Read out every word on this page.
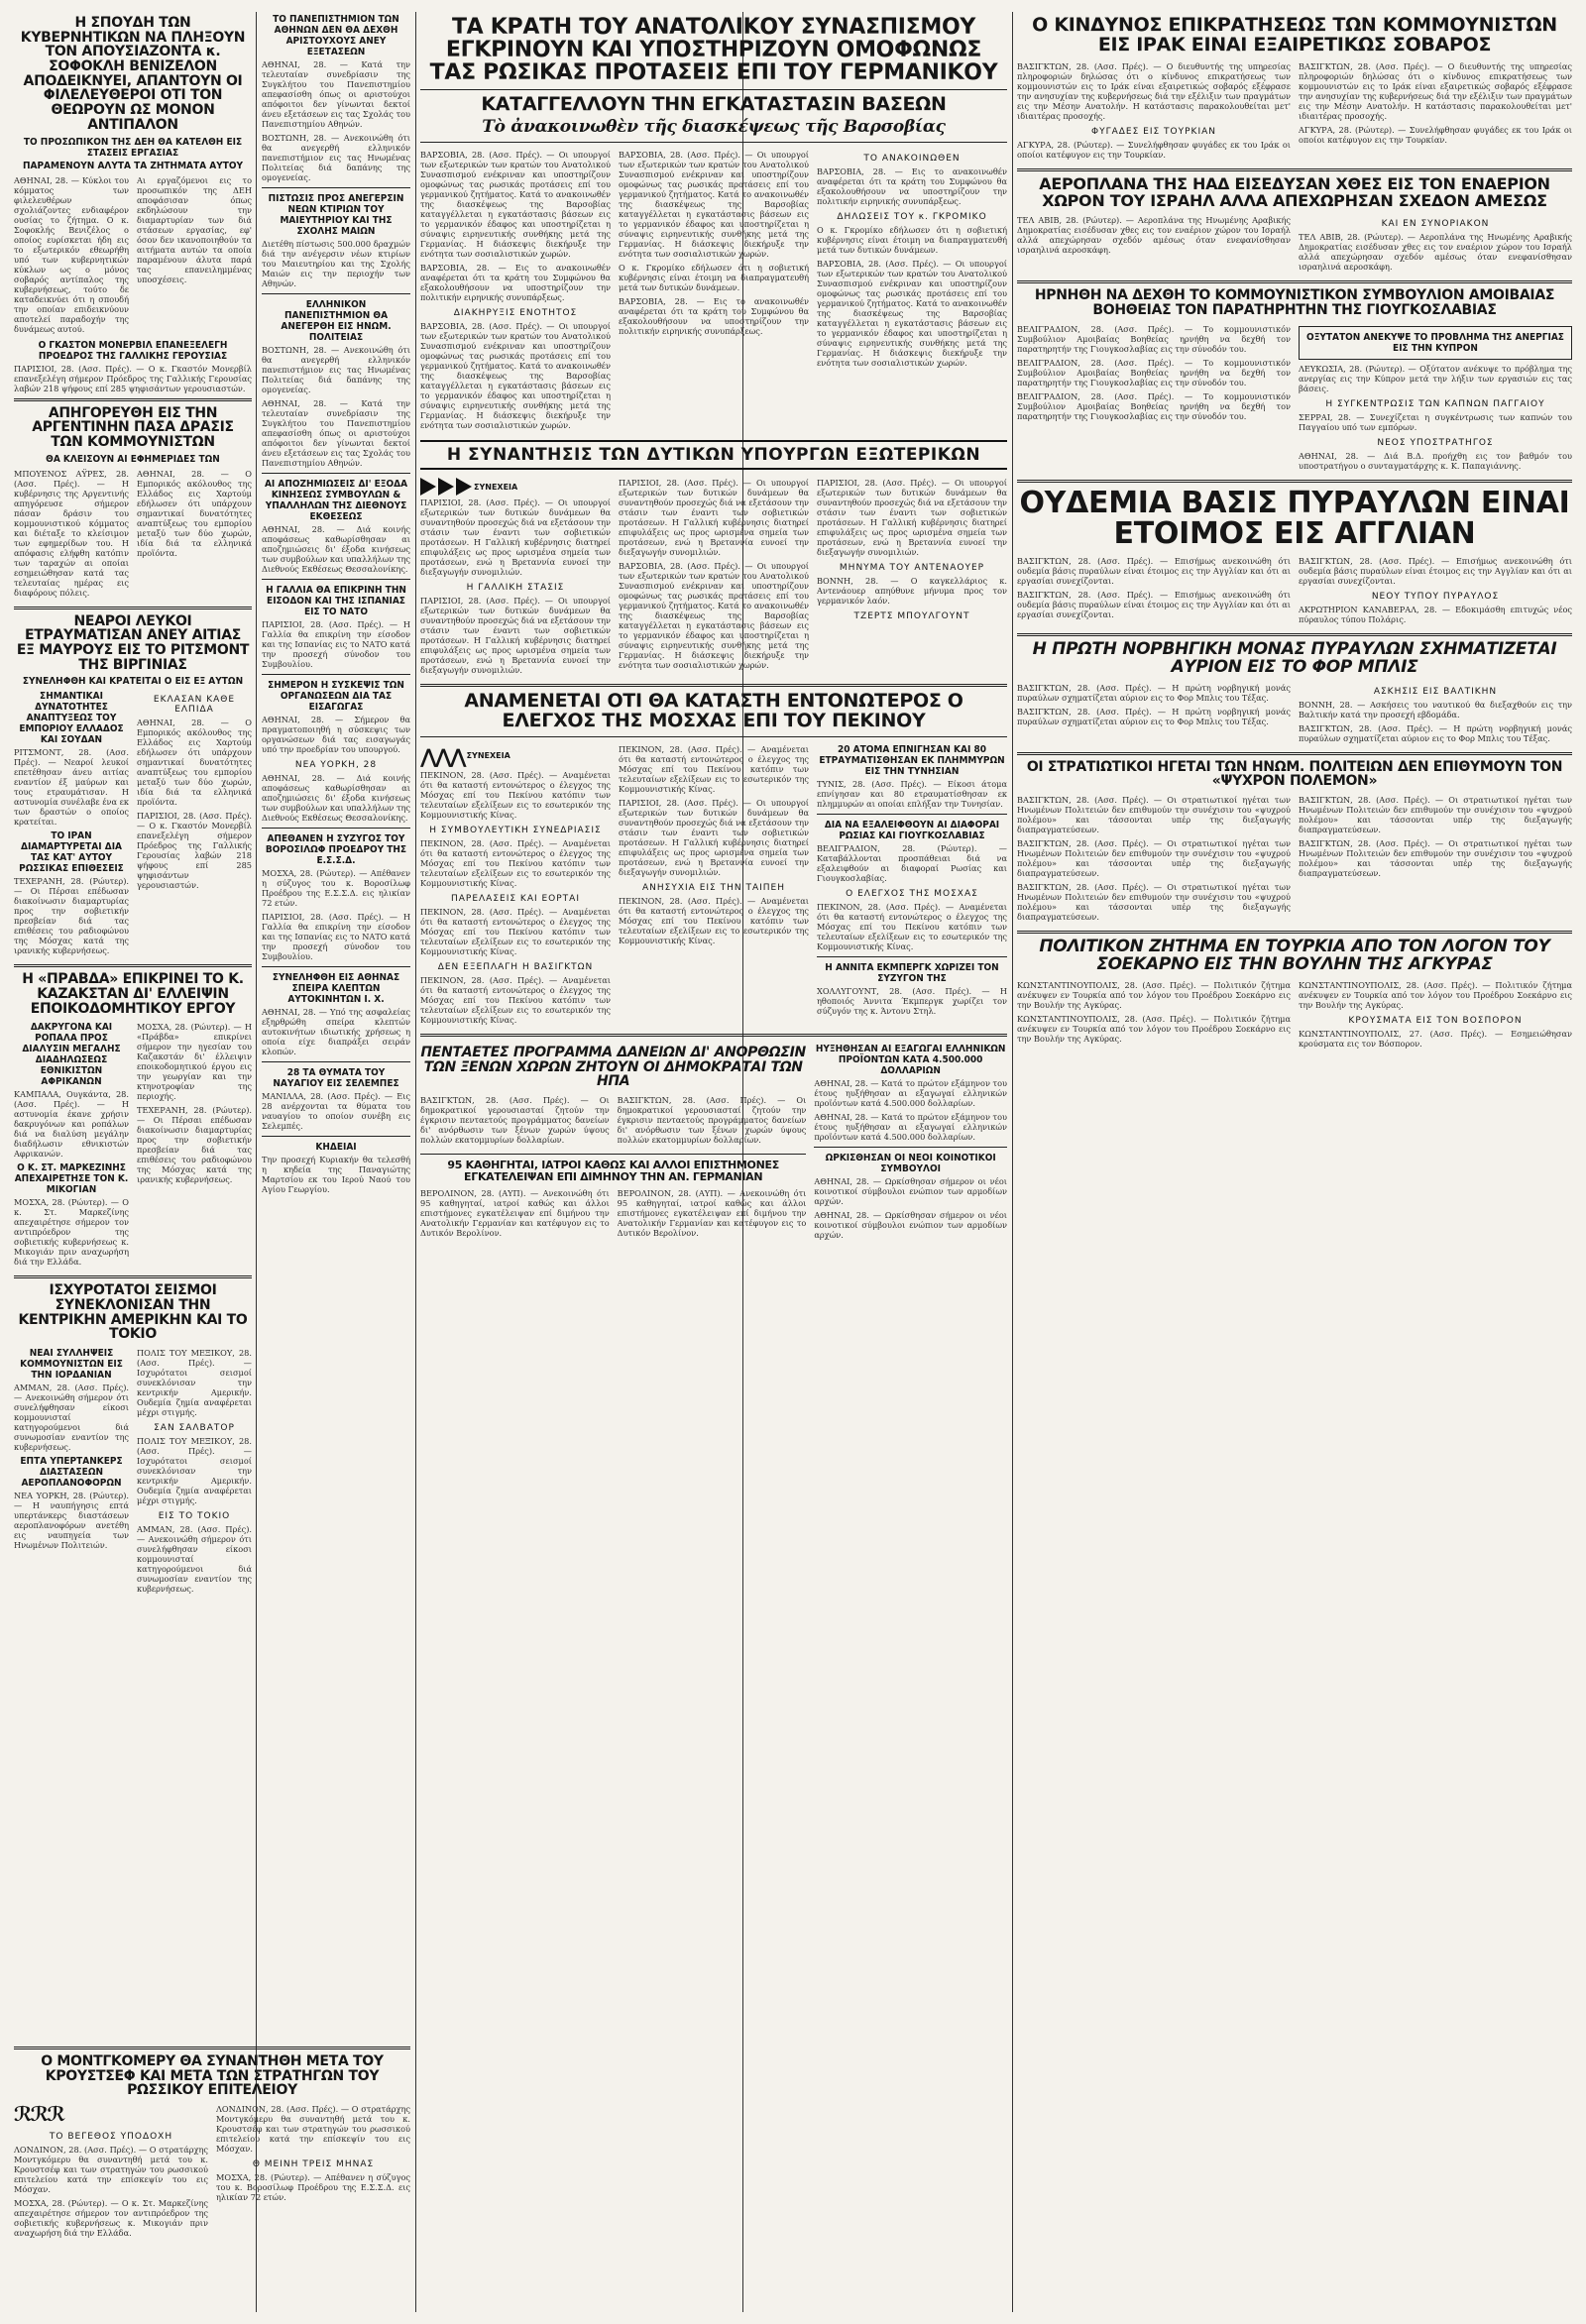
Η ΣΠΟΥΔΗ ΤΩΝ ΚΥΒΕΡΝΗΤΙΚΩΝ ΝΑ ΠΛΗΞΟΥΝ ΤΟΝ ΑΠΟΥΣΙΑΖΟΝΤΑ κ. ΣΟΦΟΚΛΗ ΒΕΝΙΖΕΛΟΝ ΑΠΟΔΕΙΚΝΥΕΙ, ΑΠΑΝΤΟΥΝ ΟΙ ΦΙΛΕΛΕΥΘΕΡΟΙ ΟΤΙ ΤΟΝ ΘΕΩΡΟΥΝ ΩΣ ΜΟΝΟΝ ΑΝΤΙΠΑΛΟΝ
ΤΟ ΠΡΟΣΩΠΙΚΟΝ ΤΗΣ ΔΕΗ ΘΑ ΚΑΤΕΛΘΗ ΕΙΣ ΣΤΑΣΕΙΣ ΕΡΓΑΣΙΑΣ
ΠΑΡΑΜΕΝΟΥΝ ΑΛΥΤΑ ΤΑ ΖΗΤΗΜΑΤΑ ΑΥΤΟΥ
ΑΘΗΝΑΙ, 28. — Κύκλοι του κόμματος των φιλελευθέρων σχολιάζοντες ενδιαφέρον ουσίας το ζήτημα. Ο κ. Σοφοκλής Βενιζέλος ο οποίος ευρίσκεται ήδη εις το εξωτερικόν εθεωρήθη υπό των κυβερνητικών κύκλων ως ο μόνος σοβαρός αντίπαλος της κυβερνήσεως, τούτο δε καταδεικνύει ότι η σπουδή την οποίαν επιδεικνύουν αποτελεί παραδοχήν της δυνάμεως αυτού.
Αι εργαζόμενοι εις το προσωπικόν της ΔΕΗ αποφάσισαν όπως εκδηλώσουν την διαμαρτυρίαν των διά στάσεων εργασίας, εφ' όσον δεν ικανοποιηθούν τα αιτήματα αυτών τα οποία παραμένουν άλυτα παρά τας επανειλημμένας υποσχέσεις.
Ο ΓΚΑΣΤΟΝ ΜΟΝΕΡΒΙΛ ΕΠΑΝΕΞΕΛΕΓΗ ΠΡΟΕΔΡΟΣ ΤΗΣ ΓΑΛΛΙΚΗΣ ΓΕΡΟΥΣΙΑΣ
ΠΑΡΙΣΙΟΙ, 28. (Ασσ. Πρές). — Ο κ. Γκαστόν Μονερβίλ επανεξελέγη σήμερον Πρόεδρος της Γαλλικής Γερουσίας λαβών 218 ψήφους επί 285 ψηφισάντων γερουσιαστών.
ΑΠΗΓΟΡΕΥΘΗ ΕΙΣ ΤΗΝ ΑΡΓΕΝΤΙΝΗΝ ΠΑΣΑ ΔΡΑΣΙΣ ΤΩΝ ΚΟΜΜΟΥΝΙΣΤΩΝ
ΘΑ ΚΛΕΙΣΟΥΝ ΑΙ ΕΦΗΜΕΡΙΔΕΣ ΤΩΝ
ΜΠΟΥΕΝΟΣ ΑΫΡΕΣ, 28. (Ασσ. Πρές). — Η κυβέρνησις της Αργεντινής απηγόρευσε σήμερον πάσαν δράσιν του κομμουνιστικού κόμματος και διέταξε το κλείσιμον των εφημερίδων του. Η απόφασις ελήφθη κατόπιν των ταραχών αι οποίαι εσημειώθησαν κατά τας τελευταίας ημέρας εις διαφόρους πόλεις.
ΑΘΗΝΑΙ, 28. — Ο Εμπορικός ακόλουθος της Ελλάδος εις Χαρτούμ εδήλωσεν ότι υπάρχουν σημαντικαί δυνατότητες αναπτύξεως του εμπορίου μεταξύ των δύο χωρών, ιδία διά τα ελληνικά προϊόντα.
ΝΕΑΡΟΙ ΛΕΥΚΟΙ ΕΤΡΑΥΜΑΤΙΣΑΝ ΑΝΕΥ ΑΙΤΙΑΣ ΕΞ ΜΑΥΡΟΥΣ ΕΙΣ ΤΟ ΡΙΤΣΜΟΝΤ ΤΗΣ ΒΙΡΓΙΝΙΑΣ
ΣΥΝΕΛΗΦΘΗ ΚΑΙ ΚΡΑΤΕΙΤΑΙ Ο ΕΙΣ ΕΞ ΑΥΤΩΝ
ΣΗΜΑΝΤΙΚΑΙ ΔΥΝΑΤΟΤΗΤΕΣ ΑΝΑΠΤΥΞΕΩΣ ΤΟΥ ΕΜΠΟΡΙΟΥ ΕΛΛΑΔΟΣ ΚΑΙ ΣΟΥΔΑΝ
ΡΙΤΣΜΟΝΤ, 28. (Ασσ. Πρές). — Νεαροί λευκοί επετέθησαν άνευ αιτίας εναντίον έξ μαύρων και τους ετραυμάτισαν. Η αστυνομία συνέλαβε ένα εκ των δραστών ο οποίος κρατείται.
ΤΟ ΙΡΑΝ ΔΙΑΜΑΡΤΥΡΕΤΑΙ ΔΙΑ ΤΑΣ ΚΑΤ' ΑΥΤΟΥ ΡΩΣΣΙΚΑΣ ΕΠΙΘΕΣΕΙΣ
ΤΕΧΕΡΑΝΗ, 28. (Ρώυτερ). — Οι Πέρσαι επέδωσαν διακοίνωσιν διαμαρτυρίας προς την σοβιετικήν πρεσβείαν διά τας επιθέσεις του ραδιοφώνου της Μόσχας κατά της ιρανικής κυβερνήσεως.
ΕΚΛΑΣΑΝ ΚΑΘΕ ΕΛΠΙΔΑ
ΑΘΗΝΑΙ, 28. — Ο Εμπορικός ακόλουθος της Ελλάδος εις Χαρτούμ εδήλωσεν ότι υπάρχουν σημαντικαί δυνατότητες αναπτύξεως του εμπορίου μεταξύ των δύο χωρών, ιδία διά τα ελληνικά προϊόντα.
ΠΑΡΙΣΙΟΙ, 28. (Ασσ. Πρές). — Ο κ. Γκαστόν Μονερβίλ επανεξελέγη σήμερον Πρόεδρος της Γαλλικής Γερουσίας λαβών 218 ψήφους επί 285 ψηφισάντων γερουσιαστών.
Η «ΠΡΑΒΔΑ» ΕΠΙΚΡΙΝΕΙ ΤΟ Κ. ΚΑΖΑΚΣΤΑΝ ΔΙ' ΕΛΛΕΙΨΙΝ ΕΠΟΙΚΟΔΟΜΗΤΙΚΟΥ ΕΡΓΟΥ
ΔΑΚΡΥΓΟΝΑ ΚΑΙ ΡΟΠΑΛΑ ΠΡΟΣ ΔΙΑΛΥΣΙΝ ΜΕΓΑΛΗΣ ΔΙΑΔΗΛΩΣΕΩΣ ΕΘΝΙΚΙΣΤΩΝ ΑΦΡΙΚΑΝΩΝ
ΚΑΜΠΑΛΑ, Ουγκάντα, 28. (Ασσ. Πρές). — Η αστυνομία έκανε χρήσιν δακρυγόνων και ροπάλων διά να διαλύση μεγάλην διαδήλωσιν εθνικιστών Αφρικανών.
Ο Κ. ΣΤ. ΜΑΡΚΕΖΙΝΗΣ ΑΠΕΧΑΙΡΕΤΗΣΕ ΤΟΝ Κ. ΜΙΚΟΓΙΑΝ
ΜΟΣΧΑ, 28. (Ρώυτερ). — Ο κ. Στ. Μαρκεζίνης απεχαιρέτησε σήμερον τον αντιπρόεδρον της σοβιετικής κυβερνήσεως κ. Μικογιάν πριν αναχωρήση διά την Ελλάδα.
ΜΟΣΧΑ, 28. (Ρώυτερ). — Η «Πράβδα» επικρίνει σήμερον την ηγεσίαν του Καζακστάν δι' έλλειψιν εποικοδομητικού έργου εις την γεωργίαν και την κτηνοτροφίαν της περιοχής.
ΤΕΧΕΡΑΝΗ, 28. (Ρώυτερ). — Οι Πέρσαι επέδωσαν διακοίνωσιν διαμαρτυρίας προς την σοβιετικήν πρεσβείαν διά τας επιθέσεις του ραδιοφώνου της Μόσχας κατά της ιρανικής κυβερνήσεως.
ΙΣΧΥΡΟΤΑΤΟΙ ΣΕΙΣΜΟΙ ΣΥΝΕΚΛΟΝΙΣΑΝ ΤΗΝ ΚΕΝΤΡΙΚΗΝ ΑΜΕΡΙΚΗΝ ΚΑΙ ΤΟ ΤΟΚΙΟ
ΝΕΑΙ ΣΥΛΛΗΨΕΙΣ ΚΟΜΜΟΥΝΙΣΤΩΝ ΕΙΣ ΤΗΝ ΙΟΡΔΑΝΙΑΝ
ΑΜΜΑΝ, 28. (Ασσ. Πρές). — Ανεκοινώθη σήμερον ότι συνελήφθησαν είκοσι κομμουνισταί κατηγορούμενοι διά συνωμοσίαν εναντίον της κυβερνήσεως.
ΕΠΤΑ ΥΠΕΡΤΑΝΚΕΡΣ ΔΙΑΣΤΑΣΕΩΝ ΑΕΡΟΠΛΑΝΟΦΟΡΩΝ
ΝΕΑ ΥΟΡΚΗ, 28. (Ρώυτερ). — Η ναυπήγησις επτά υπερτάνκερς διαστάσεων αεροπλανοφόρων ανετέθη εις ναυπηγεία των Ηνωμένων Πολιτειών.
ΠΟΛΙΣ ΤΟΥ ΜΕΞΙΚΟΥ, 28. (Ασσ. Πρές). — Ισχυρότατοι σεισμοί συνεκλόνισαν την κεντρικήν Αμερικήν. Ουδεμία ζημία αναφέρεται μέχρι στιγμής.
ΣΑΝ ΣΑΛΒΑΤΟΡ
ΠΟΛΙΣ ΤΟΥ ΜΕΞΙΚΟΥ, 28. (Ασσ. Πρές). — Ισχυρότατοι σεισμοί συνεκλόνισαν την κεντρικήν Αμερικήν. Ουδεμία ζημία αναφέρεται μέχρι στιγμής.
ΕΙΣ ΤΟ ΤΟΚΙΟ
ΑΜΜΑΝ, 28. (Ασσ. Πρές). — Ανεκοινώθη σήμερον ότι συνελήφθησαν είκοσι κομμουνισταί κατηγορούμενοι διά συνωμοσίαν εναντίον της κυβερνήσεως.
Ο ΜΟΝΤΓΚΟΜΕΡΥ ΘΑ ΣΥΝΑΝΤΗΘΗ ΜΕΤΑ ΤΟΥ ΚΡΟΥΣΤΣΕΦ ΚΑΙ ΜΕΤΑ ΤΩΝ ΣΤΡΑΤΗΓΩΝ ΤΟΥ ΡΩΣΣΙΚΟΥ ΕΠΙΤΕΛΕΙΟΥ
ℛℛℛ
ΤΟ ΒΕΓΕΘΟΣ ΥΠΟΔΟΧΗ
ΛΟΝΔΙΝΟΝ, 28. (Ασσ. Πρές). — Ο στρατάρχης Μοντγκόμερυ θα συναντηθή μετά του κ. Κρουστσέφ και των στρατηγών του ρωσσικού επιτελείου κατά την επίσκεψίν του εις Μόσχαν.
ΜΟΣΧΑ, 28. (Ρώυτερ). — Ο κ. Στ. Μαρκεζίνης απεχαιρέτησε σήμερον τον αντιπρόεδρον της σοβιετικής κυβερνήσεως κ. Μικογιάν πριν αναχωρήση διά την Ελλάδα.
ΛΟΝΔΙΝΟΝ, 28. (Ασσ. Πρές). — Ο στρατάρχης Μοντγκόμερυ θα συναντηθή μετά του κ. Κρουστσέφ και των στρατηγών του ρωσσικού επιτελείου κατά την επίσκεψίν του εις Μόσχαν.
Θ ΜΕΙΝΗ ΤΡΕΙΣ ΜΗΝΑΣ
ΜΟΣΧΑ, 28. (Ρώυτερ). — Απέθανεν η σύζυγος του κ. Βοροσίλωφ Προέδρου της Ε.Σ.Σ.Δ. εις ηλικίαν 72 ετών.
ΤΟ ΠΑΝΕΠΙΣΤΗΜΙΟΝ ΤΩΝ ΑΘΗΝΩΝ ΔΕΝ ΘΑ ΔΕΧΘΗ ΑΡΙΣΤΟΥΧΟΥΣ ΑΝΕΥ ΕΞΕΤΑΣΕΩΝ
ΑΘΗΝΑΙ, 28. — Κατά την τελευταίαν συνεδρίασιν της Συγκλήτου του Πανεπιστημίου απεφασίσθη όπως οι αριστούχοι απόφοιτοι δεν γίνωνται δεκτοί άνευ εξετάσεων εις τας Σχολάς του Πανεπιστημίου Αθηνών.
ΒΟΣΤΩΝΗ, 28. — Ανεκοινώθη ότι θα ανεγερθή ελληνικόν πανεπιστήμιον εις τας Ηνωμένας Πολιτείας διά δαπάνης της ομογενείας.
ΠΙΣΤΩΣΙΣ ΠΡΟΣ ΑΝΕΓΕΡΣΙΝ ΝΕΩΝ ΚΤΙΡΙΩΝ ΤΟΥ ΜΑΙΕΥΤΗΡΙΟΥ ΚΑΙ ΤΗΣ ΣΧΟΛΗΣ ΜΑΙΩΝ
Διετέθη πίστωσις 500.000 δραχμών διά την ανέγερσιν νέων κτιρίων του Μαιευτηρίου και της Σχολής Μαιών εις την περιοχήν των Αθηνών.
ΕΛΛΗΝΙΚΟΝ ΠΑΝΕΠΙΣΤΗΜΙΟΝ ΘΑ ΑΝΕΓΕΡΘΗ ΕΙΣ ΗΝΩΜ. ΠΟΛΙΤΕΙΑΣ
ΒΟΣΤΩΝΗ, 28. — Ανεκοινώθη ότι θα ανεγερθή ελληνικόν πανεπιστήμιον εις τας Ηνωμένας Πολιτείας διά δαπάνης της ομογενείας.
ΑΘΗΝΑΙ, 28. — Κατά την τελευταίαν συνεδρίασιν της Συγκλήτου του Πανεπιστημίου απεφασίσθη όπως οι αριστούχοι απόφοιτοι δεν γίνωνται δεκτοί άνευ εξετάσεων εις τας Σχολάς του Πανεπιστημίου Αθηνών.
ΑΙ ΑΠΟΖΗΜΙΩΣΕΙΣ ΔΙ' ΕΞΟΔΑ ΚΙΝΗΣΕΩΣ ΣΥΜΒΟΥΛΩΝ & ΥΠΑΛΛΗΛΩΝ ΤΗΣ ΔΙΕΘΝΟΥΣ ΕΚΘΕΣΕΩΣ
ΑΘΗΝΑΙ, 28. — Διά κοινής αποφάσεως καθωρίσθησαν αι αποζημιώσεις δι' έξοδα κινήσεως των συμβούλων και υπαλλήλων της Διεθνούς Εκθέσεως Θεσσαλονίκης.
Η ΓΑΛΛΙΑ ΘΑ ΕΠΙΚΡΙΝΗ ΤΗΝ ΕΙΣΟΔΟΝ ΚΑΙ ΤΗΣ ΙΣΠΑΝΙΑΣ ΕΙΣ ΤΟ ΝΑΤΟ
ΠΑΡΙΣΙΟΙ, 28. (Ασσ. Πρές). — Η Γαλλία θα επικρίνη την είσοδον και της Ισπανίας εις το ΝΑΤΟ κατά την προσεχή σύνοδον του Συμβουλίου.
ΣΗΜΕΡΟΝ Η ΣΥΣΚΕΨΙΣ ΤΩΝ ΟΡΓΑΝΩΣΕΩΝ ΔΙΑ ΤΑΣ ΕΙΣΑΓΩΓΑΣ
ΑΘΗΝΑΙ, 28. — Σήμερον θα πραγματοποιηθή η σύσκεψις των οργανώσεων διά τας εισαγωγάς υπό την προεδρίαν του υπουργού.
ΝΕΑ ΥΟΡΚΗ, 28
ΑΘΗΝΑΙ, 28. — Διά κοινής αποφάσεως καθωρίσθησαν αι αποζημιώσεις δι' έξοδα κινήσεως των συμβούλων και υπαλλήλων της Διεθνούς Εκθέσεως Θεσσαλονίκης.
ΑΠΕΘΑΝΕΝ Η ΣΥΖΥΓΟΣ ΤΟΥ ΒΟΡΟΣΙΛΩΦ ΠΡΟΕΔΡΟΥ ΤΗΣ Ε.Σ.Σ.Δ.
ΜΟΣΧΑ, 28. (Ρώυτερ). — Απέθανεν η σύζυγος του κ. Βοροσίλωφ Προέδρου της Ε.Σ.Σ.Δ. εις ηλικίαν 72 ετών.
ΠΑΡΙΣΙΟΙ, 28. (Ασσ. Πρές). — Η Γαλλία θα επικρίνη την είσοδον και της Ισπανίας εις το ΝΑΤΟ κατά την προσεχή σύνοδον του Συμβουλίου.
ΣΥΝΕΛΗΦΘΗ ΕΙΣ ΑΘΗΝΑΣ ΣΠΕΙΡΑ ΚΛΕΠΤΩΝ ΑΥΤΟΚΙΝΗΤΩΝ Ι. Χ.
ΑΘΗΝΑΙ, 28. — Υπό της ασφαλείας εξηρθρώθη σπείρα κλεπτών αυτοκινήτων ιδιωτικής χρήσεως η οποία είχε διαπράξει σειράν κλοπών.
28 ΤΑ ΘΥΜΑΤΑ ΤΟΥ ΝΑΥΑΓΙΟΥ ΕΙΣ ΣΕΛΕΜΠΕΣ
ΜΑΝΙΛΛΑ, 28. (Ασσ. Πρές). — Εις 28 ανέρχονται τα θύματα του ναυαγίου το οποίον συνέβη εις Σελεμπές.
ΚΗΔΕΙΑΙ
Την προσεχή Κυριακήν θα τελεσθή η κηδεία της Παναγιώτης Μαρτσίου εκ του Ιερού Ναού του Αγίου Γεωργίου.
ΤΑ ΚΡΑΤΗ ΤΟΥ ΑΝΑΤΟΛΙΚΟΥ ΣΥΝΑΣΠΙΣΜΟΥ ΕΓΚΡΙΝΟΥΝ ΚΑΙ ΥΠΟΣΤΗΡΙΖΟΥΝ ΟΜΟΦΩΝΩΣ ΤΑΣ ΡΩΣΙΚΑΣ ΠΡΟΤΑΣΕΙΣ ΕΠΙ ΤΟΥ ΓΕΡΜΑΝΙΚΟΥ
ΚΑΤΑΓΓΕΛΛΟΥΝ ΤΗΝ ΕΓΚΑΤΑΣΤΑΣΙΝ ΒΑΣΕΩΝ
Τὸ ἀνακοινωθὲν τῆς διασκέψεως τῆς Βαρσοβίας
ΒΑΡΣΟΒΙΑ, 28. (Ασσ. Πρές). — Οι υπουργοί των εξωτερικών των κρατών του Ανατολικού Συνασπισμού ενέκριναν και υποστηρίζουν ομοφώνως τας ρωσικάς προτάσεις επί του γερμανικού ζητήματος. Κατά το ανακοινωθέν της διασκέψεως της Βαρσοβίας καταγγέλλεται η εγκατάστασις βάσεων εις το γερμανικόν έδαφος και υποστηρίζεται η σύναψις ειρηνευτικής συνθήκης μετά της Γερμανίας. Η διάσκεψις διεκήρυξε την ενότητα των σοσιαλιστικών χωρών.
ΒΑΡΣΟΒΙΑ, 28. — Εις το ανακοινωθέν αναφέρεται ότι τα κράτη του Συμφώνου θα εξακολουθήσουν να υποστηρίζουν την πολιτικήν ειρηνικής συνυπάρξεως.
ΔΙΑΚΗΡΥΞΙΣ ΕΝΟΤΗΤΟΣ
ΒΑΡΣΟΒΙΑ, 28. (Ασσ. Πρές). — Οι υπουργοί των εξωτερικών των κρατών του Ανατολικού Συνασπισμού ενέκριναν και υποστηρίζουν ομοφώνως τας ρωσικάς προτάσεις επί του γερμανικού ζητήματος. Κατά το ανακοινωθέν της διασκέψεως της Βαρσοβίας καταγγέλλεται η εγκατάστασις βάσεων εις το γερμανικόν έδαφος και υποστηρίζεται η σύναψις ειρηνευτικής συνθήκης μετά της Γερμανίας. Η διάσκεψις διεκήρυξε την ενότητα των σοσιαλιστικών χωρών.
ΒΑΡΣΟΒΙΑ, 28. (Ασσ. Πρές). — Οι υπουργοί των εξωτερικών των κρατών του Ανατολικού Συνασπισμού ενέκριναν και υποστηρίζουν ομοφώνως τας ρωσικάς προτάσεις επί του γερμανικού ζητήματος. Κατά το ανακοινωθέν της διασκέψεως της Βαρσοβίας καταγγέλλεται η εγκατάστασις βάσεων εις το γερμανικόν έδαφος και υποστηρίζεται η σύναψις ειρηνευτικής συνθήκης μετά της Γερμανίας. Η διάσκεψις διεκήρυξε την ενότητα των σοσιαλιστικών χωρών.
Ο κ. Γκρομίκο εδήλωσεν ότι η σοβιετική κυβέρνησις είναι έτοιμη να διαπραγματευθή μετά των δυτικών δυνάμεων.
ΒΑΡΣΟΒΙΑ, 28. — Εις το ανακοινωθέν αναφέρεται ότι τα κράτη του Συμφώνου θα εξακολουθήσουν να υποστηρίζουν την πολιτικήν ειρηνικής συνυπάρξεως.
ΤΟ ΑΝΑΚΟΙΝΩΘΕΝ
ΒΑΡΣΟΒΙΑ, 28. — Εις το ανακοινωθέν αναφέρεται ότι τα κράτη του Συμφώνου θα εξακολουθήσουν να υποστηρίζουν την πολιτικήν ειρηνικής συνυπάρξεως.
ΔΗΛΩΣΕΙΣ ΤΟΥ κ. ΓΚΡΟΜΙΚΟ
Ο κ. Γκρομίκο εδήλωσεν ότι η σοβιετική κυβέρνησις είναι έτοιμη να διαπραγματευθή μετά των δυτικών δυνάμεων.
ΒΑΡΣΟΒΙΑ, 28. (Ασσ. Πρές). — Οι υπουργοί των εξωτερικών των κρατών του Ανατολικού Συνασπισμού ενέκριναν και υποστηρίζουν ομοφώνως τας ρωσικάς προτάσεις επί του γερμανικού ζητήματος. Κατά το ανακοινωθέν της διασκέψεως της Βαρσοβίας καταγγέλλεται η εγκατάστασις βάσεων εις το γερμανικόν έδαφος και υποστηρίζεται η σύναψις ειρηνευτικής συνθήκης μετά της Γερμανίας. Η διάσκεψις διεκήρυξε την ενότητα των σοσιαλιστικών χωρών.
Η ΣΥΝΑΝΤΗΣΙΣ ΤΩΝ ΔΥΤΙΚΩΝ ΥΠΟΥΡΓΩΝ ΕΞΩΤΕΡΙΚΩΝ
ΣΥΝΕΧΕΙΑ
ΠΑΡΙΣΙΟΙ, 28. (Ασσ. Πρές). — Οι υπουργοί εξωτερικών των δυτικών δυνάμεων θα συναντηθούν προσεχώς διά να εξετάσουν την στάσιν των έναντι των σοβιετικών προτάσεων. Η Γαλλική κυβέρνησις διατηρεί επιφυλάξεις ως προς ωρισμένα σημεία των προτάσεων, ενώ η Βρεταννία ευνοεί την διεξαγωγήν συνομιλιών.
Η ΓΑΛΛΙΚΗ ΣΤΑΣΙΣ
ΠΑΡΙΣΙΟΙ, 28. (Ασσ. Πρές). — Οι υπουργοί εξωτερικών των δυτικών δυνάμεων θα συναντηθούν προσεχώς διά να εξετάσουν την στάσιν των έναντι των σοβιετικών προτάσεων. Η Γαλλική κυβέρνησις διατηρεί επιφυλάξεις ως προς ωρισμένα σημεία των προτάσεων, ενώ η Βρεταννία ευνοεί την διεξαγωγήν συνομιλιών.
ΠΑΡΙΣΙΟΙ, 28. (Ασσ. Πρές). — Οι υπουργοί εξωτερικών των δυτικών δυνάμεων θα συναντηθούν προσεχώς διά να εξετάσουν την στάσιν των έναντι των σοβιετικών προτάσεων. Η Γαλλική κυβέρνησις διατηρεί επιφυλάξεις ως προς ωρισμένα σημεία των προτάσεων, ενώ η Βρεταννία ευνοεί την διεξαγωγήν συνομιλιών.
ΒΑΡΣΟΒΙΑ, 28. (Ασσ. Πρές). — Οι υπουργοί των εξωτερικών των κρατών του Ανατολικού Συνασπισμού ενέκριναν και υποστηρίζουν ομοφώνως τας ρωσικάς προτάσεις επί του γερμανικού ζητήματος. Κατά το ανακοινωθέν της διασκέψεως της Βαρσοβίας καταγγέλλεται η εγκατάστασις βάσεων εις το γερμανικόν έδαφος και υποστηρίζεται η σύναψις ειρηνευτικής συνθήκης μετά της Γερμανίας. Η διάσκεψις διεκήρυξε την ενότητα των σοσιαλιστικών χωρών.
ΠΑΡΙΣΙΟΙ, 28. (Ασσ. Πρές). — Οι υπουργοί εξωτερικών των δυτικών δυνάμεων θα συναντηθούν προσεχώς διά να εξετάσουν την στάσιν των έναντι των σοβιετικών προτάσεων. Η Γαλλική κυβέρνησις διατηρεί επιφυλάξεις ως προς ωρισμένα σημεία των προτάσεων, ενώ η Βρεταννία ευνοεί την διεξαγωγήν συνομιλιών.
ΜΗΝΥΜΑ ΤΟΥ ΑΝΤΕΝΑΟΥΕΡ
ΒΟΝΝΗ, 28. — Ο καγκελλάριος κ. Αντενάουερ απηύθυνε μήνυμα προς τον γερμανικόν λαόν.
ΤΖΕΡΤΣ ΜΠΟΥΛΓΟΥΝΤ
ΑΝΑΜΕΝΕΤΑΙ ΟΤΙ ΘΑ ΚΑΤΑΣΤΗ ΕΝΤΟΝΩΤΕΡΟΣ Ο ΕΛΕΓΧΟΣ ΤΗΣ ΜΟΣΧΑΣ ΕΠΙ ΤΟΥ ΠΕΚΙΝΟΥ
⋀⋀⋀ ΣΥΝΕΧΕΙΑ
ΠΕΚΙΝΟΝ, 28. (Ασσ. Πρές). — Αναμένεται ότι θα καταστή εντονώτερος ο έλεγχος της Μόσχας επί του Πεκίνου κατόπιν των τελευταίων εξελίξεων εις το εσωτερικόν της Κομμουνιστικής Κίνας.
Η ΣΥΜΒΟΥΛΕΥΤΙΚΗ ΣΥΝΕΔΡΙΑΣΙΣ
ΠΕΚΙΝΟΝ, 28. (Ασσ. Πρές). — Αναμένεται ότι θα καταστή εντονώτερος ο έλεγχος της Μόσχας επί του Πεκίνου κατόπιν των τελευταίων εξελίξεων εις το εσωτερικόν της Κομμουνιστικής Κίνας.
ΠΑΡΕΛΑΣΕΙΣ ΚΑΙ ΕΟΡΤΑΙ
ΠΕΚΙΝΟΝ, 28. (Ασσ. Πρές). — Αναμένεται ότι θα καταστή εντονώτερος ο έλεγχος της Μόσχας επί του Πεκίνου κατόπιν των τελευταίων εξελίξεων εις το εσωτερικόν της Κομμουνιστικής Κίνας.
ΔΕΝ ΕΞΕΠΛΑΓΗ Η ΒΑΣΙΓΚΤΩΝ
ΠΕΚΙΝΟΝ, 28. (Ασσ. Πρές). — Αναμένεται ότι θα καταστή εντονώτερος ο έλεγχος της Μόσχας επί του Πεκίνου κατόπιν των τελευταίων εξελίξεων εις το εσωτερικόν της Κομμουνιστικής Κίνας.
ΠΕΚΙΝΟΝ, 28. (Ασσ. Πρές). — Αναμένεται ότι θα καταστή εντονώτερος ο έλεγχος της Μόσχας επί του Πεκίνου κατόπιν των τελευταίων εξελίξεων εις το εσωτερικόν της Κομμουνιστικής Κίνας.
ΠΑΡΙΣΙΟΙ, 28. (Ασσ. Πρές). — Οι υπουργοί εξωτερικών των δυτικών δυνάμεων θα συναντηθούν προσεχώς διά να εξετάσουν την στάσιν των έναντι των σοβιετικών προτάσεων. Η Γαλλική κυβέρνησις διατηρεί επιφυλάξεις ως προς ωρισμένα σημεία των προτάσεων, ενώ η Βρεταννία ευνοεί την διεξαγωγήν συνομιλιών.
ΑΝΗΣΥΧΙΑ ΕΙΣ ΤΗΝ ΤΑΙΠΕΗ
ΠΕΚΙΝΟΝ, 28. (Ασσ. Πρές). — Αναμένεται ότι θα καταστή εντονώτερος ο έλεγχος της Μόσχας επί του Πεκίνου κατόπιν των τελευταίων εξελίξεων εις το εσωτερικόν της Κομμουνιστικής Κίνας.
20 ΑΤΟΜΑ ΕΠΝΙΓΗΣΑΝ ΚΑΙ 80 ΕΤΡΑΥΜΑΤΙΣΘΗΣΑΝ ΕΚ ΠΛΗΜΜΥΡΩΝ ΕΙΣ ΤΗΝ ΤΥΝΗΣΙΑΝ
ΤΥΝΙΣ, 28. (Ασσ. Πρές). — Είκοσι άτομα επνίγησαν και 80 ετραυματίσθησαν εκ πλημμυρών αι οποίαι επλήξαν την Τυνησίαν.
ΔΙΑ ΝΑ ΕΞΑΛΕΙΦΘΟΥΝ ΑΙ ΔΙΑΦΟΡΑΙ ΡΩΣΙΑΣ ΚΑΙ ΓΙΟΥΓΚΟΣΛΑΒΙΑΣ
ΒΕΛΙΓΡΑΔΙΟΝ, 28. (Ρώυτερ). — Καταβάλλονται προσπάθειαι διά να εξαλειφθούν αι διαφοραί Ρωσίας και Γιουγκοσλαβίας.
Ο ΕΛΕΓΧΟΣ ΤΗΣ ΜΟΣΧΑΣ
ΠΕΚΙΝΟΝ, 28. (Ασσ. Πρές). — Αναμένεται ότι θα καταστή εντονώτερος ο έλεγχος της Μόσχας επί του Πεκίνου κατόπιν των τελευταίων εξελίξεων εις το εσωτερικόν της Κομμουνιστικής Κίνας.
Η ΑΝΝΙΤΑ ΕΚΜΠΕΡΓΚ ΧΩΡΙΖΕΙ ΤΟΝ ΣΥΖΥΓΟΝ ΤΗΣ
ΧΟΛΛΥΓΟΥΝΤ, 28. (Ασσ. Πρές). — Η ηθοποιός Άννιτα Έκμπεργκ χωρίζει τον σύζυγόν της κ. Άντονυ Στηλ.
ΠΕΝΤΑΕΤΕΣ ΠΡΟΓΡΑΜΜΑ ΔΑΝΕΙΩΝ ΔΙ' ΑΝΟΡΘΩΣΙΝ ΤΩΝ ΞΕΝΩΝ ΧΩΡΩΝ ΖΗΤΟΥΝ ΟΙ ΔΗΜΟΚΡΑΤΑΙ ΤΩΝ ΗΠΑ
ΒΑΣΙΓΚΤΩΝ, 28. (Ασσ. Πρές). — Οι δημοκρατικοί γερουσιασταί ζητούν την έγκρισιν πενταετούς προγράμματος δανείων δι' ανόρθωσιν των ξένων χωρών ύψους πολλών εκατομμυρίων δολλαρίων.
ΒΑΣΙΓΚΤΩΝ, 28. (Ασσ. Πρές). — Οι δημοκρατικοί γερουσιασταί ζητούν την έγκρισιν πενταετούς προγράμματος δανείων δι' ανόρθωσιν των ξένων χωρών ύψους πολλών εκατομμυρίων δολλαρίων.
95 ΚΑΘΗΓΗΤΑΙ, ΙΑΤΡΟΙ ΚΑΘΩΣ ΚΑΙ ΑΛΛΟΙ ΕΠΙΣΤΗΜΟΝΕΣ ΕΓΚΑΤΕΛΕΙΨΑΝ ΕΠΙ ΔΙΜΗΝΟΥ ΤΗΝ ΑΝ. ΓΕΡΜΑΝΙΑΝ
ΒΕΡΟΛΙΝΟΝ, 28. (ΑΥΠ). — Ανεκοινώθη ότι 95 καθηγηταί, ιατροί καθώς και άλλοι επιστήμονες εγκατέλειψαν επί διμήνου την Ανατολικήν Γερμανίαν και κατέφυγον εις το Δυτικόν Βερολίνον.
ΒΕΡΟΛΙΝΟΝ, 28. (ΑΥΠ). — Ανεκοινώθη ότι 95 καθηγηταί, ιατροί καθώς και άλλοι επιστήμονες εγκατέλειψαν επί διμήνου την Ανατολικήν Γερμανίαν και κατέφυγον εις το Δυτικόν Βερολίνον.
ΗΥΞΗΘΗΣΑΝ ΑΙ ΕΞΑΓΩΓΑΙ ΕΛΛΗΝΙΚΩΝ ΠΡΟΪΟΝΤΩΝ ΚΑΤΑ 4.500.000 ΔΟΛΛΑΡΙΩΝ
ΑΘΗΝΑΙ, 28. — Κατά το πρώτον εξάμηνον του έτους ηυξήθησαν αι εξαγωγαί ελληνικών προϊόντων κατά 4.500.000 δολλαρίων.
ΑΘΗΝΑΙ, 28. — Κατά το πρώτον εξάμηνον του έτους ηυξήθησαν αι εξαγωγαί ελληνικών προϊόντων κατά 4.500.000 δολλαρίων.
ΩΡΚΙΣΘΗΣΑΝ ΟΙ ΝΕΟΙ ΚΟΙΝΟΤΙΚΟΙ ΣΥΜΒΟΥΛΟΙ
ΑΘΗΝΑΙ, 28. — Ωρκίσθησαν σήμερον οι νέοι κοινοτικοί σύμβουλοι ενώπιον των αρμοδίων αρχών.
ΑΘΗΝΑΙ, 28. — Ωρκίσθησαν σήμερον οι νέοι κοινοτικοί σύμβουλοι ενώπιον των αρμοδίων αρχών.
Ο ΚΙΝΔΥΝΟΣ ΕΠΙΚΡΑΤΗΣΕΩΣ ΤΩΝ ΚΟΜΜΟΥΝΙΣΤΩΝ ΕΙΣ ΙΡΑΚ ΕΙΝΑΙ ΕΞΑΙΡΕΤΙΚΩΣ ΣΟΒΑΡΟΣ
ΒΑΣΙΓΚΤΩΝ, 28. (Ασσ. Πρές). — Ο διευθυντής της υπηρεσίας πληροφοριών δηλώσας ότι ο κίνδυνος επικρατήσεως των κομμουνιστών εις το Ιράκ είναι εξαιρετικώς σοβαρός εξέφρασε την ανησυχίαν της κυβερνήσεως διά την εξέλιξιν των πραγμάτων εις την Μέσην Ανατολήν. Η κατάστασις παρακολουθείται μετ' ιδιαιτέρας προσοχής.
ΦΥΓΑΔΕΣ ΕΙΣ ΤΟΥΡΚΙΑΝ
ΑΓΚΥΡΑ, 28. (Ρώυτερ). — Συνελήφθησαν φυγάδες εκ του Ιράκ οι οποίοι κατέφυγον εις την Τουρκίαν.
ΒΑΣΙΓΚΤΩΝ, 28. (Ασσ. Πρές). — Ο διευθυντής της υπηρεσίας πληροφοριών δηλώσας ότι ο κίνδυνος επικρατήσεως των κομμουνιστών εις το Ιράκ είναι εξαιρετικώς σοβαρός εξέφρασε την ανησυχίαν της κυβερνήσεως διά την εξέλιξιν των πραγμάτων εις την Μέσην Ανατολήν. Η κατάστασις παρακολουθείται μετ' ιδιαιτέρας προσοχής.
ΑΓΚΥΡΑ, 28. (Ρώυτερ). — Συνελήφθησαν φυγάδες εκ του Ιράκ οι οποίοι κατέφυγον εις την Τουρκίαν.
ΑΕΡΟΠΛΑΝΑ ΤΗΣ ΗΑΔ ΕΙΣΕΔΥΣΑΝ ΧΘΕΣ ΕΙΣ ΤΟΝ ΕΝΑΕΡΙΟΝ ΧΩΡΟΝ ΤΟΥ ΙΣΡΑΗΛ ΑΛΛΑ ΑΠΕΧΩΡΗΣΑΝ ΣΧΕΔΟΝ ΑΜΕΣΩΣ
ΤΕΛ ΑΒΙΒ, 28. (Ρώυτερ). — Αεροπλάνα της Ηνωμένης Αραβικής Δημοκρατίας εισέδυσαν χθες εις τον εναέριον χώρον του Ισραήλ αλλά απεχώρησαν σχεδόν αμέσως όταν ενεφανίσθησαν ισραηλινά αεροσκάφη.
ΚΑΙ ΕΝ ΣΥΝΟΡΙΑΚΟΝ
ΤΕΛ ΑΒΙΒ, 28. (Ρώυτερ). — Αεροπλάνα της Ηνωμένης Αραβικής Δημοκρατίας εισέδυσαν χθες εις τον εναέριον χώρον του Ισραήλ αλλά απεχώρησαν σχεδόν αμέσως όταν ενεφανίσθησαν ισραηλινά αεροσκάφη.
ΗΡΝΗΘΗ ΝΑ ΔΕΧΘΗ ΤΟ ΚΟΜΜΟΥΝΙΣΤΙΚΟΝ ΣΥΜΒΟΥΛΙΟΝ ΑΜΟΙΒΑΙΑΣ ΒΟΗΘΕΙΑΣ ΤΟΝ ΠΑΡΑΤΗΡΗΤΗΝ ΤΗΣ ΓΙΟΥΓΚΟΣΛΑΒΙΑΣ
ΒΕΛΙΓΡΑΔΙΟΝ, 28. (Ασσ. Πρές). — Το κομμουνιστικόν Συμβούλιον Αμοιβαίας Βοηθείας ηρνήθη να δεχθή τον παρατηρητήν της Γιουγκοσλαβίας εις την σύνοδόν του.
ΒΕΛΙΓΡΑΔΙΟΝ, 28. (Ασσ. Πρές). — Το κομμουνιστικόν Συμβούλιον Αμοιβαίας Βοηθείας ηρνήθη να δεχθή τον παρατηρητήν της Γιουγκοσλαβίας εις την σύνοδόν του.
ΒΕΛΙΓΡΑΔΙΟΝ, 28. (Ασσ. Πρές). — Το κομμουνιστικόν Συμβούλιον Αμοιβαίας Βοηθείας ηρνήθη να δεχθή τον παρατηρητήν της Γιουγκοσλαβίας εις την σύνοδόν του.
ΟΞΥΤΑΤΟΝ ΑΝΕΚΥΨΕ ΤΟ ΠΡΟΒΛΗΜΑ ΤΗΣ ΑΝΕΡΓΙΑΣ ΕΙΣ ΤΗΝ ΚΥΠΡΟΝ
ΛΕΥΚΩΣΙΑ, 28. (Ρώυτερ). — Οξύτατον ανέκυψε το πρόβλημα της ανεργίας εις την Κύπρον μετά την λήξιν των εργασιών εις τας βάσεις.
Η ΣΥΓΚΕΝΤΡΩΣΙΣ ΤΩΝ ΚΑΠΝΩΝ ΠΑΓΓΑΙΟΥ
ΣΕΡΡΑΙ, 28. — Συνεχίζεται η συγκέντρωσις των καπνών του Παγγαίου υπό των εμπόρων.
ΝΕΟΣ ΥΠΟΣΤΡΑΤΗΓΟΣ
ΑΘΗΝΑΙ, 28. — Διά Β.Δ. προήχθη εις τον βαθμόν του υποστρατήγου ο συνταγματάρχης κ. Κ. Παπαγιάννης.
ΟΥΔΕΜΙΑ ΒΑΣΙΣ ΠΥΡΑΥΛΩΝ ΕΙΝΑΙ ΕΤΟΙΜΟΣ ΕΙΣ ΑΓΓΛΙΑΝ
ΒΑΣΙΓΚΤΩΝ, 28. (Ασσ. Πρές). — Επισήμως ανεκοινώθη ότι ουδεμία βάσις πυραύλων είναι έτοιμος εις την Αγγλίαν και ότι αι εργασίαι συνεχίζονται.
ΒΑΣΙΓΚΤΩΝ, 28. (Ασσ. Πρές). — Επισήμως ανεκοινώθη ότι ουδεμία βάσις πυραύλων είναι έτοιμος εις την Αγγλίαν και ότι αι εργασίαι συνεχίζονται.
ΒΑΣΙΓΚΤΩΝ, 28. (Ασσ. Πρές). — Επισήμως ανεκοινώθη ότι ουδεμία βάσις πυραύλων είναι έτοιμος εις την Αγγλίαν και ότι αι εργασίαι συνεχίζονται.
ΝΕΟΥ ΤΥΠΟΥ ΠΥΡΑΥΛΟΣ
ΑΚΡΩΤΗΡΙΟΝ ΚΑΝΑΒΕΡΑΛ, 28. — Εδοκιμάσθη επιτυχώς νέος πύραυλος τύπου Πολάρις.
Η ΠΡΩΤΗ ΝΟΡΒΗΓΙΚΗ ΜΟΝΑΣ ΠΥΡΑΥΛΩΝ ΣΧΗΜΑΤΙΖΕΤΑΙ ΑΥΡΙΟΝ ΕΙΣ ΤΟ ΦΟΡ ΜΠΛΙΣ
ΒΑΣΙΓΚΤΩΝ, 28. (Ασσ. Πρές). — Η πρώτη νορβηγική μονάς πυραύλων σχηματίζεται αύριον εις το Φορ Μπλις του Τέξας.
ΒΑΣΙΓΚΤΩΝ, 28. (Ασσ. Πρές). — Η πρώτη νορβηγική μονάς πυραύλων σχηματίζεται αύριον εις το Φορ Μπλις του Τέξας.
ΑΣΚΗΣΙΣ ΕΙΣ ΒΑΛΤΙΚΗΝ
ΒΟΝΝΗ, 28. — Ασκήσεις του ναυτικού θα διεξαχθούν εις την Βαλτικήν κατά την προσεχή εβδομάδα.
ΒΑΣΙΓΚΤΩΝ, 28. (Ασσ. Πρές). — Η πρώτη νορβηγική μονάς πυραύλων σχηματίζεται αύριον εις το Φορ Μπλις του Τέξας.
ΟΙ ΣΤΡΑΤΙΩΤΙΚΟΙ ΗΓΕΤΑΙ ΤΩΝ ΗΝΩΜ. ΠΟΛΙΤΕΙΩΝ ΔΕΝ ΕΠΙΘΥΜΟΥΝ ΤΟΝ «ΨΥΧΡΟΝ ΠΟΛΕΜΟΝ»
ΒΑΣΙΓΚΤΩΝ, 28. (Ασσ. Πρές). — Οι στρατιωτικοί ηγέται των Ηνωμένων Πολιτειών δεν επιθυμούν την συνέχισιν του «ψυχρού πολέμου» και τάσσονται υπέρ της διεξαγωγής διαπραγματεύσεων.
ΒΑΣΙΓΚΤΩΝ, 28. (Ασσ. Πρές). — Οι στρατιωτικοί ηγέται των Ηνωμένων Πολιτειών δεν επιθυμούν την συνέχισιν του «ψυχρού πολέμου» και τάσσονται υπέρ της διεξαγωγής διαπραγματεύσεων.
ΒΑΣΙΓΚΤΩΝ, 28. (Ασσ. Πρές). — Οι στρατιωτικοί ηγέται των Ηνωμένων Πολιτειών δεν επιθυμούν την συνέχισιν του «ψυχρού πολέμου» και τάσσονται υπέρ της διεξαγωγής διαπραγματεύσεων.
ΒΑΣΙΓΚΤΩΝ, 28. (Ασσ. Πρές). — Οι στρατιωτικοί ηγέται των Ηνωμένων Πολιτειών δεν επιθυμούν την συνέχισιν του «ψυχρού πολέμου» και τάσσονται υπέρ της διεξαγωγής διαπραγματεύσεων.
ΒΑΣΙΓΚΤΩΝ, 28. (Ασσ. Πρές). — Οι στρατιωτικοί ηγέται των Ηνωμένων Πολιτειών δεν επιθυμούν την συνέχισιν του «ψυχρού πολέμου» και τάσσονται υπέρ της διεξαγωγής διαπραγματεύσεων.
ΠΟΛΙΤΙΚΟΝ ΖΗΤΗΜΑ ΕΝ ΤΟΥΡΚΙΑ ΑΠΟ ΤΟΝ ΛΟΓΟΝ ΤΟΥ ΣΟΕΚΑΡΝΟ ΕΙΣ ΤΗΝ ΒΟΥΛΗΝ ΤΗΣ ΑΓΚΥΡΑΣ
ΚΩΝΣΤΑΝΤΙΝΟΥΠΟΛΙΣ, 28. (Ασσ. Πρές). — Πολιτικόν ζήτημα ανέκυψεν εν Τουρκία από τον λόγον του Προέδρου Σοεκάρνο εις την Βουλήν της Αγκύρας.
ΚΩΝΣΤΑΝΤΙΝΟΥΠΟΛΙΣ, 28. (Ασσ. Πρές). — Πολιτικόν ζήτημα ανέκυψεν εν Τουρκία από τον λόγον του Προέδρου Σοεκάρνο εις την Βουλήν της Αγκύρας.
ΚΩΝΣΤΑΝΤΙΝΟΥΠΟΛΙΣ, 28. (Ασσ. Πρές). — Πολιτικόν ζήτημα ανέκυψεν εν Τουρκία από τον λόγον του Προέδρου Σοεκάρνο εις την Βουλήν της Αγκύρας.
ΚΡΟΥΣΜΑΤΑ ΕΙΣ ΤΟΝ ΒΟΣΠΟΡΟΝ
ΚΩΝΣΤΑΝΤΙΝΟΥΠΟΛΙΣ, 27. (Ασσ. Πρές). — Εσημειώθησαν κρούσματα εις τον Βόσπορον.
